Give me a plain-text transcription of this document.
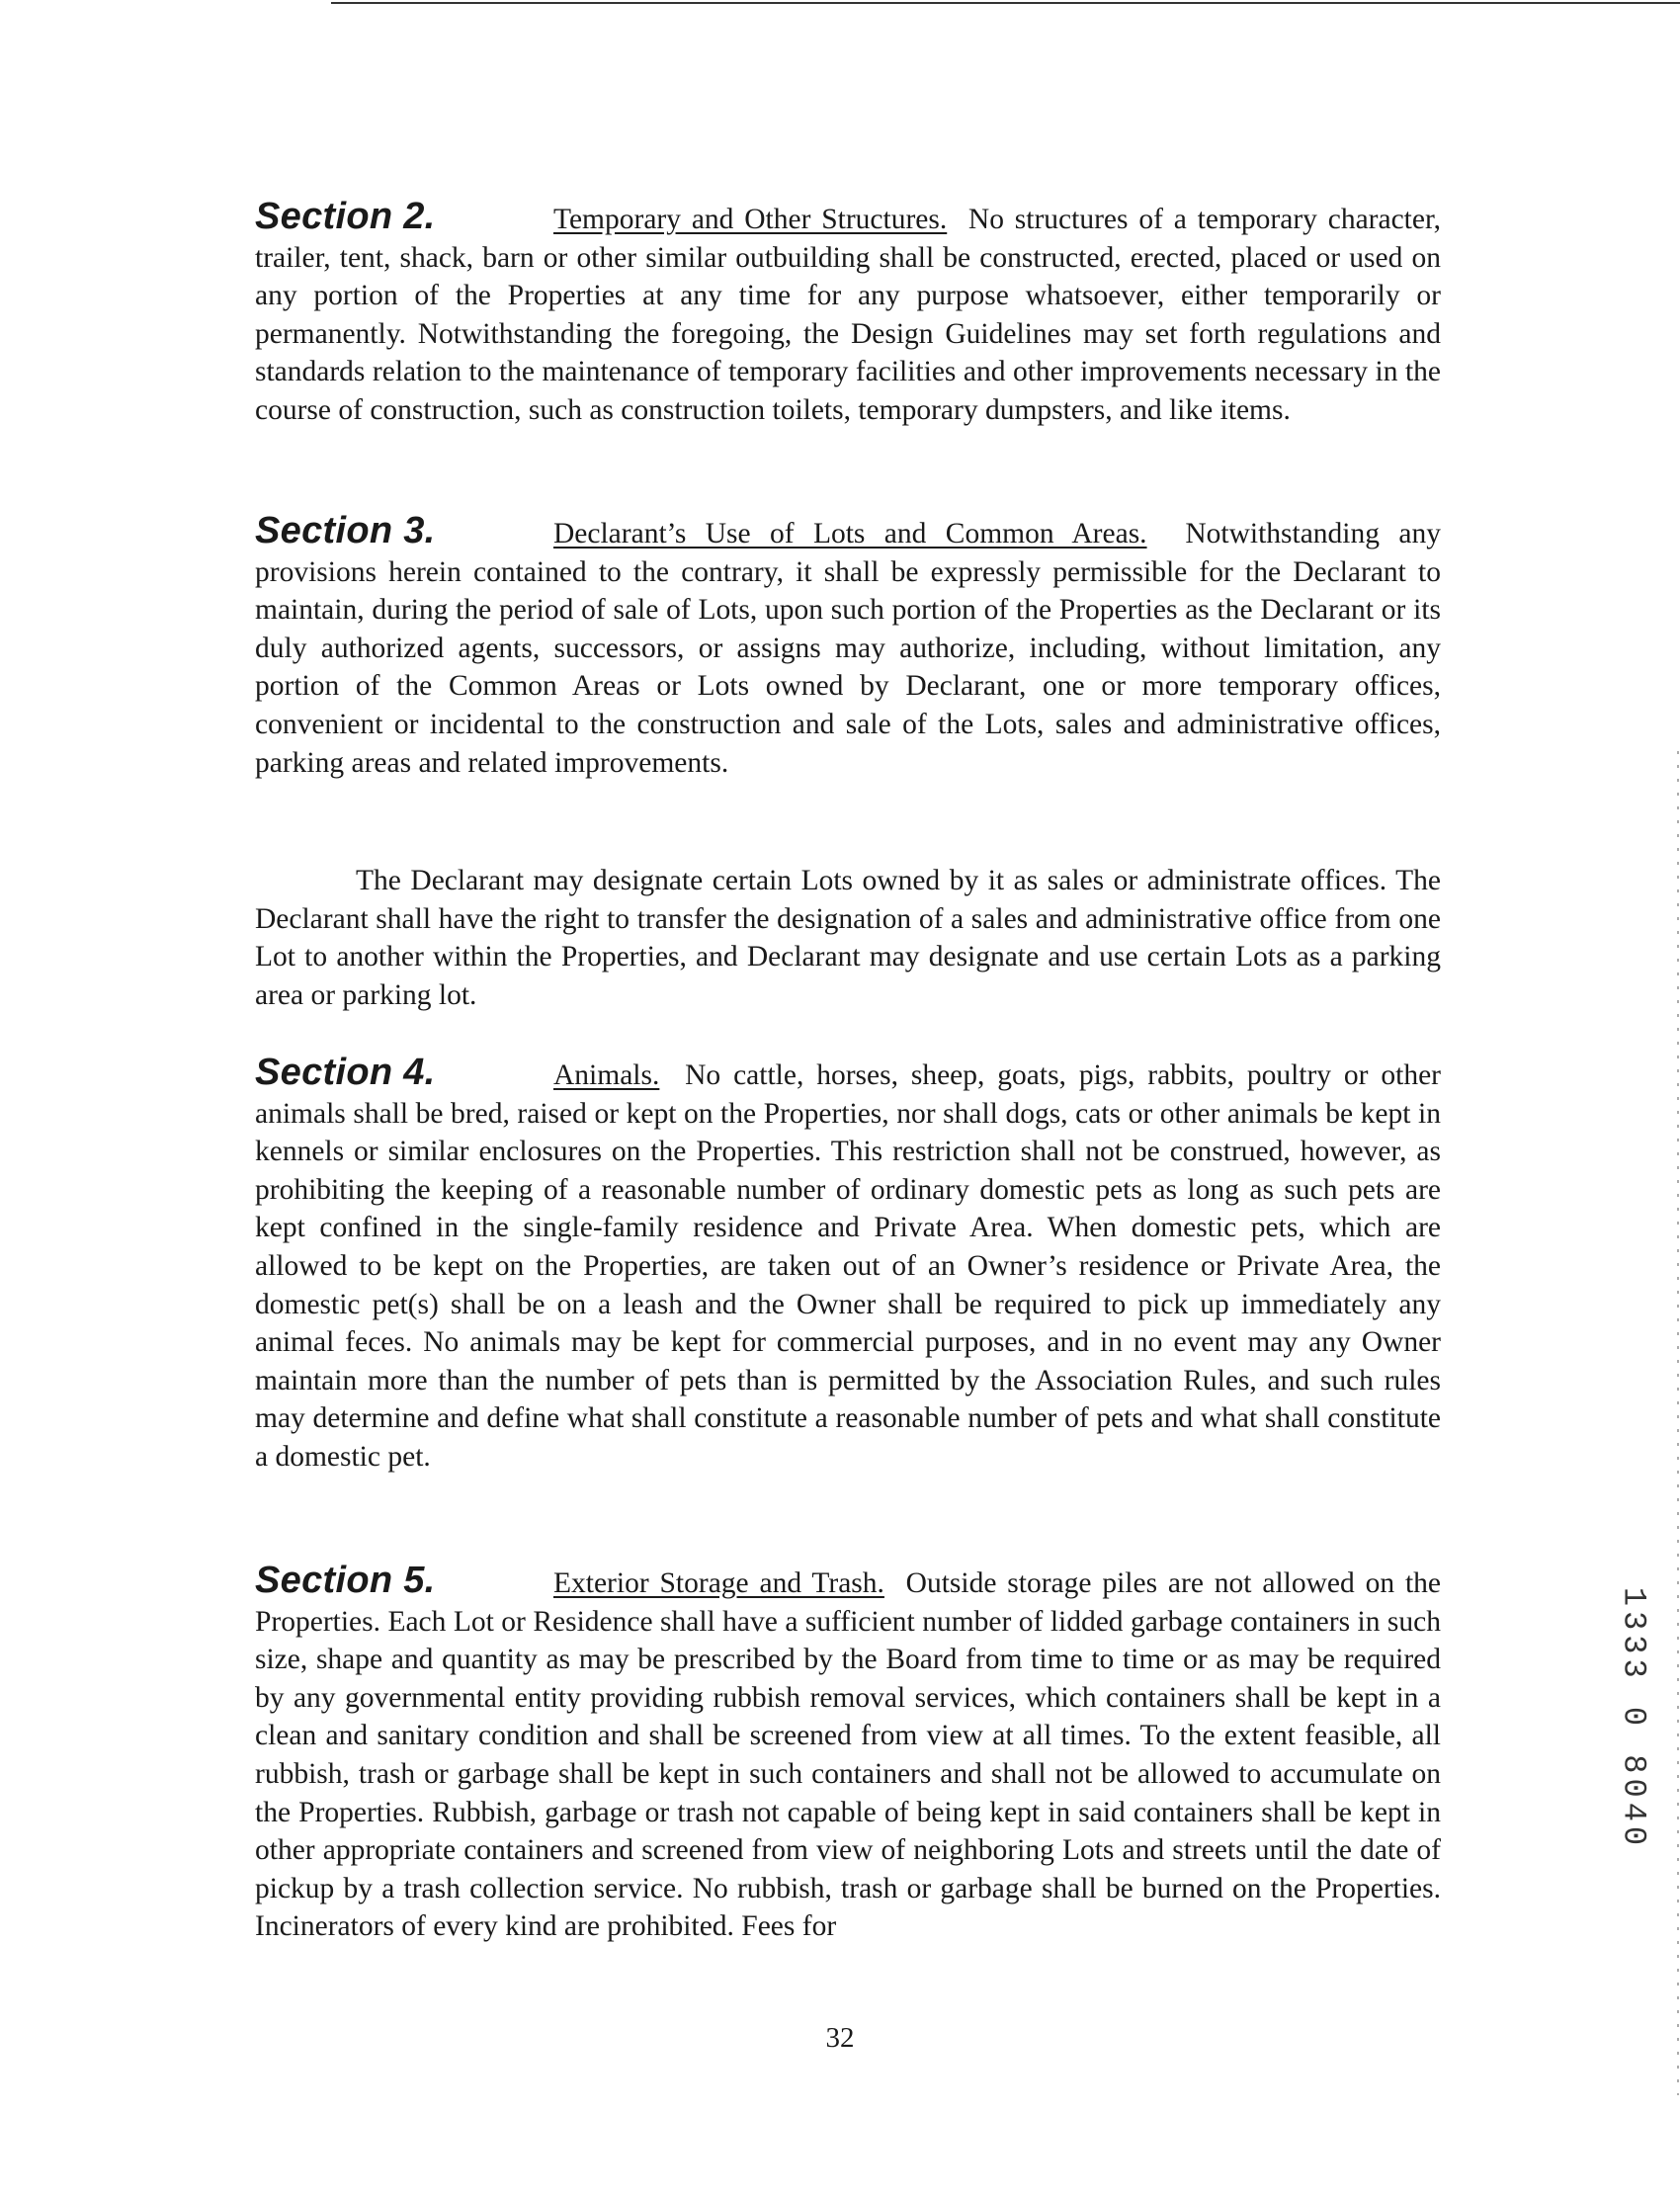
Section 2.	Temporary and Other Structures. No structures of a temporary character, trailer, tent, shack, barn or other similar outbuilding shall be constructed, erected, placed or used on any portion of the Properties at any time for any purpose whatsoever, either temporarily or permanently. Notwithstanding the foregoing, the Design Guidelines may set forth regulations and standards relation to the maintenance of temporary facilities and other improvements necessary in the course of construction, such as construction toilets, temporary dumpsters, and like items.

Section 3.	Declarant’s Use of Lots and Common Areas. Notwithstanding any provisions herein contained to the contrary, it shall be expressly permissible for the Declarant to maintain, during the period of sale of Lots, upon such portion of the Properties as the Declarant or its duly authorized agents, successors, or assigns may authorize, including, without limitation, any portion of the Common Areas or Lots owned by Declarant, one or more temporary offices, convenient or incidental to the construction and sale of the Lots, sales and administrative offices, parking areas and related improvements.

The Declarant may designate certain Lots owned by it as sales or administrate offices. The Declarant shall have the right to transfer the designation of a sales and administrative office from one Lot to another within the Properties, and Declarant may designate and use certain Lots as a parking area or parking lot.

Section 4.	Animals. No cattle, horses, sheep, goats, pigs, rabbits, poultry or other animals shall be bred, raised or kept on the Properties, nor shall dogs, cats or other animals be kept in kennels or similar enclosures on the Properties. This restriction shall not be construed, however, as prohibiting the keeping of a reasonable number of ordinary domestic pets as long as such pets are kept confined in the single-family residence and Private Area. When domestic pets, which are allowed to be kept on the Properties, are taken out of an Owner’s residence or Private Area, the domestic pet(s) shall be on a leash and the Owner shall be required to pick up immediately any animal feces. No animals may be kept for commercial purposes, and in no event may any Owner maintain more than the number of pets than is permitted by the Association Rules, and such rules may determine and define what shall constitute a reasonable number of pets and what shall constitute a domestic pet.

Section 5.	Exterior Storage and Trash. Outside storage piles are not allowed on the Properties. Each Lot or Residence shall have a sufficient number of lidded garbage containers in such size, shape and quantity as may be prescribed by the Board from time to time or as may be required by any governmental entity providing rubbish removal services, which containers shall be kept in a clean and sanitary condition and shall be screened from view at all times. To the extent feasible, all rubbish, trash or garbage shall be kept in such containers and shall not be allowed to accumulate on the Properties. Rubbish, garbage or trash not capable of being kept in said containers shall be kept in other appropriate containers and screened from view of neighboring Lots and streets until the date of pickup by a trash collection service. No rubbish, trash or garbage shall be burned on the Properties. Incinerators of every kind are prohibited. Fees for

32
1333 0 8040
